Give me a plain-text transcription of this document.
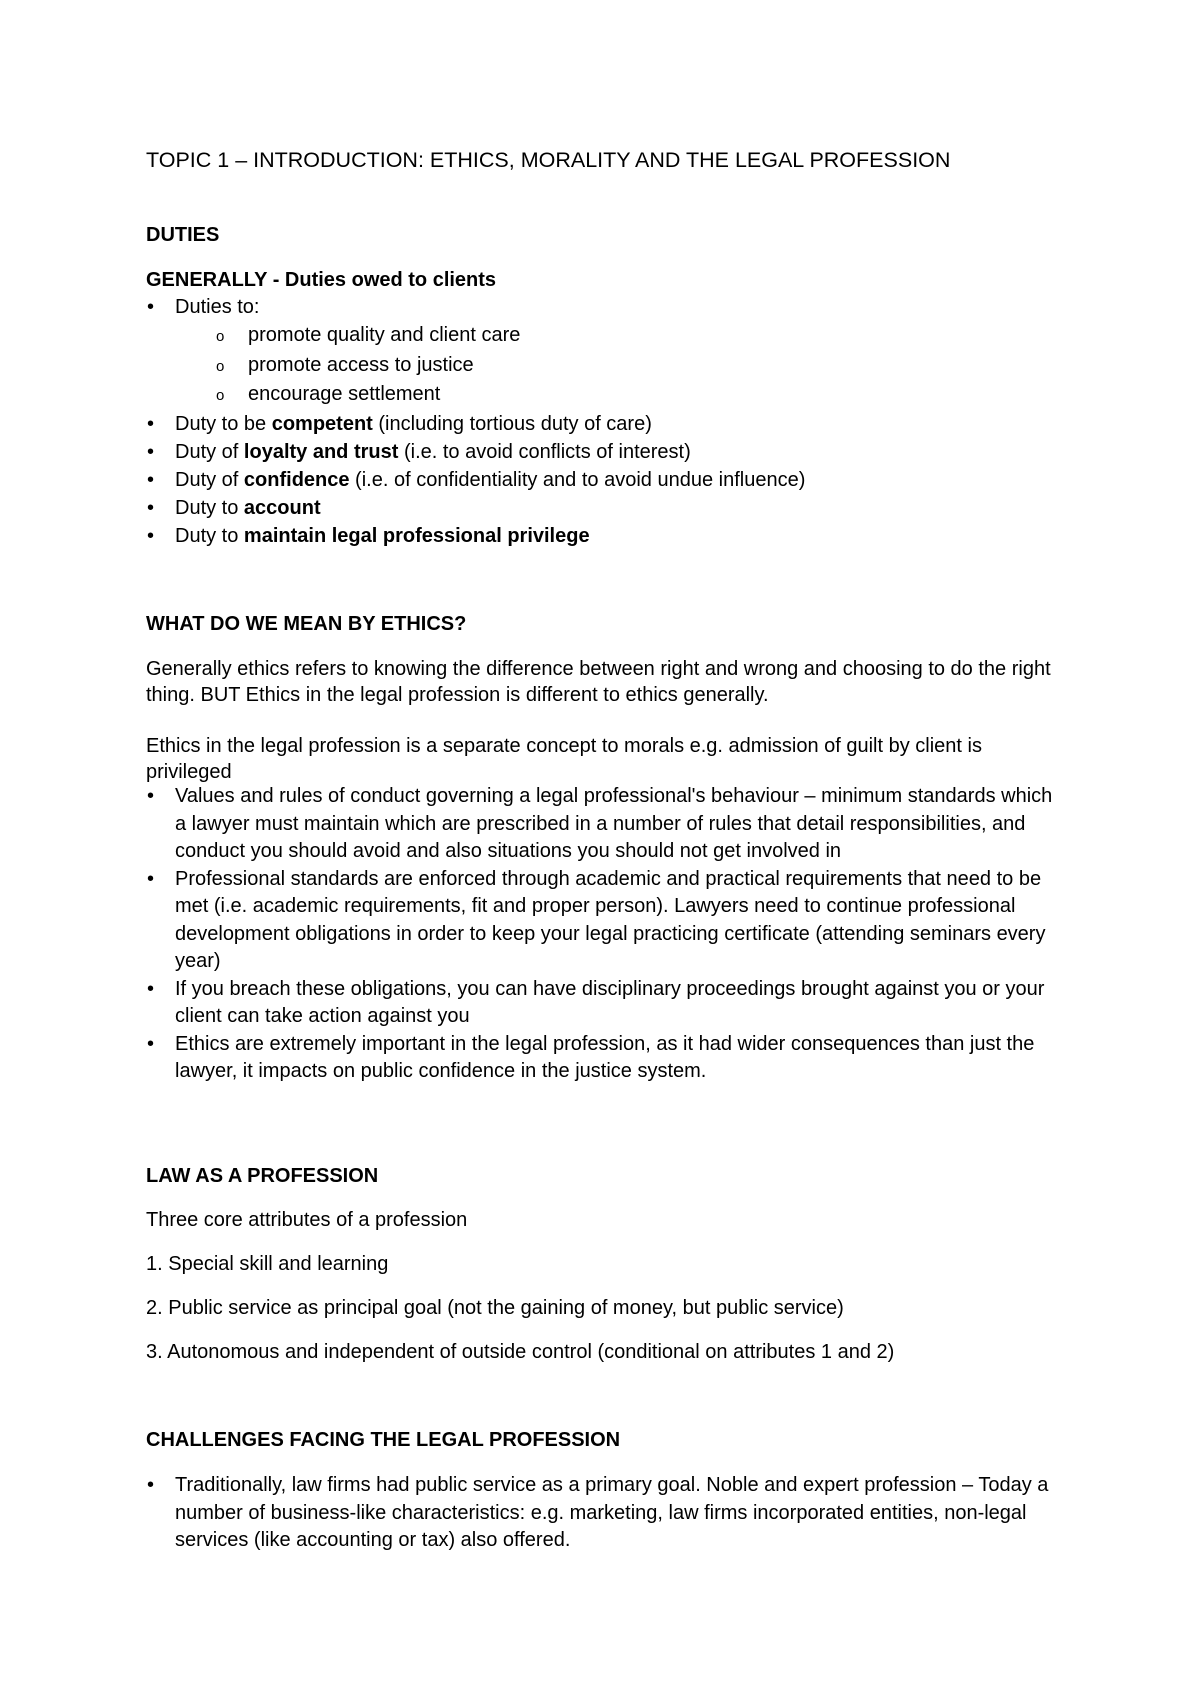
TOPIC 1 – INTRODUCTION: ETHICS, MORALITY AND THE LEGAL PROFESSION
DUTIES
GENERALLY - Duties owed to clients
• Duties to:
o promote quality and client care
o promote access to justice
o encourage settlement
• Duty to be competent (including tortious duty of care)
• Duty of loyalty and trust (i.e. to avoid conflicts of interest)
• Duty of confidence (i.e. of confidentiality and to avoid undue influence)
• Duty to account
• Duty to maintain legal professional privilege
WHAT DO WE MEAN BY ETHICS?
Generally ethics refers to knowing the difference between right and wrong and choosing to do the right thing. BUT Ethics in the legal profession is different to ethics generally.
Ethics in the legal profession is a separate concept to morals e.g. admission of guilt by client is privileged
• Values and rules of conduct governing a legal professional's behaviour – minimum standards which a lawyer must maintain which are prescribed in a number of rules that detail responsibilities, and conduct you should avoid and also situations you should not get involved in
• Professional standards are enforced through academic and practical requirements that need to be met (i.e. academic requirements, fit and proper person). Lawyers need to continue professional development obligations in order to keep your legal practicing certificate (attending seminars every year)
• If you breach these obligations, you can have disciplinary proceedings brought against you or your client can take action against you
• Ethics are extremely important in the legal profession, as it had wider consequences than just the lawyer, it impacts on public confidence in the justice system.
LAW AS A PROFESSION
Three core attributes of a profession
1. Special skill and learning
2. Public service as principal goal (not the gaining of money, but public service)
3. Autonomous and independent of outside control (conditional on attributes 1 and 2)
CHALLENGES FACING THE LEGAL PROFESSION
• Traditionally, law firms had public service as a primary goal. Noble and expert profession – Today a number of business-like characteristics: e.g. marketing, law firms incorporated entities, non-legal services (like accounting or tax) also offered.
